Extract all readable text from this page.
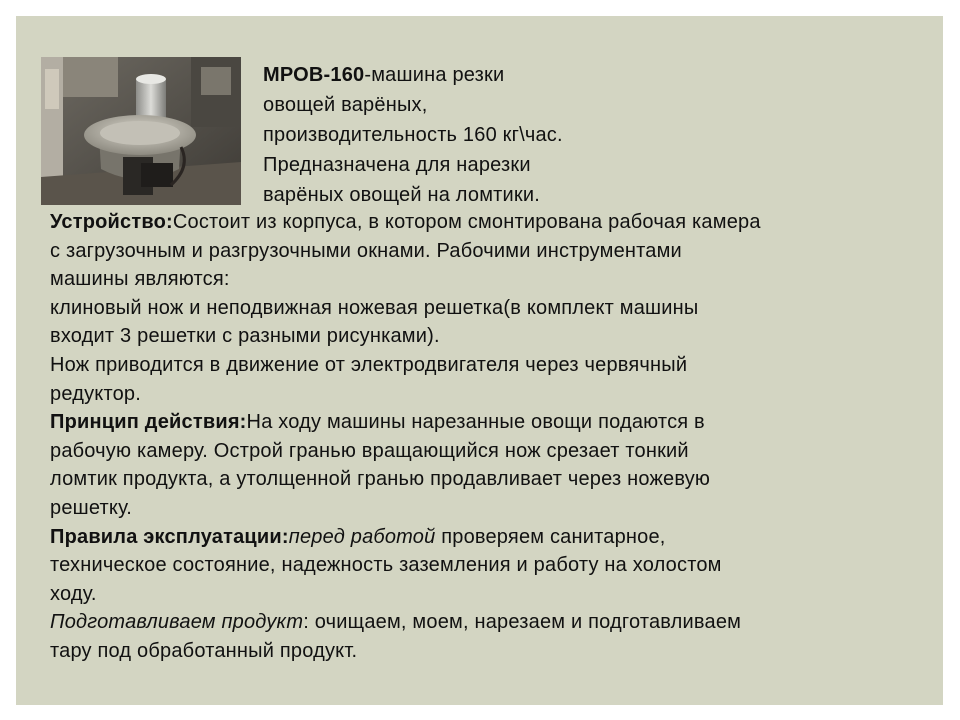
МРОВ-160-машина резки
овощей варёных,
производительность 160 кг\час.
Предназначена для нарезки
варёных овощей на ломтики.
Устройство:Состоит из корпуса, в котором смонтирована рабочая камера
с загрузочным и разгрузочными окнами. Рабочими инструментами
машины являются:
клиновый нож и неподвижная ножевая решетка(в комплект машины
входит 3 решетки с разными рисунками).
Нож приводится в движение от электродвигателя через червячный
редуктор.
Принцип действия:На ходу машины нарезанные овощи подаются в
рабочую камеру. Острой гранью вращающийся нож срезает тонкий
ломтик продукта, а утолщенной гранью продавливает через ножевую
решетку.
Правила эксплуатации:перед работой проверяем санитарное,
техническое состояние, надежность заземления и работу на холостом
ходу.
Подготавливаем продукт: очищаем, моем, нарезаем и подготавливаем
тару под обработанный продукт.
